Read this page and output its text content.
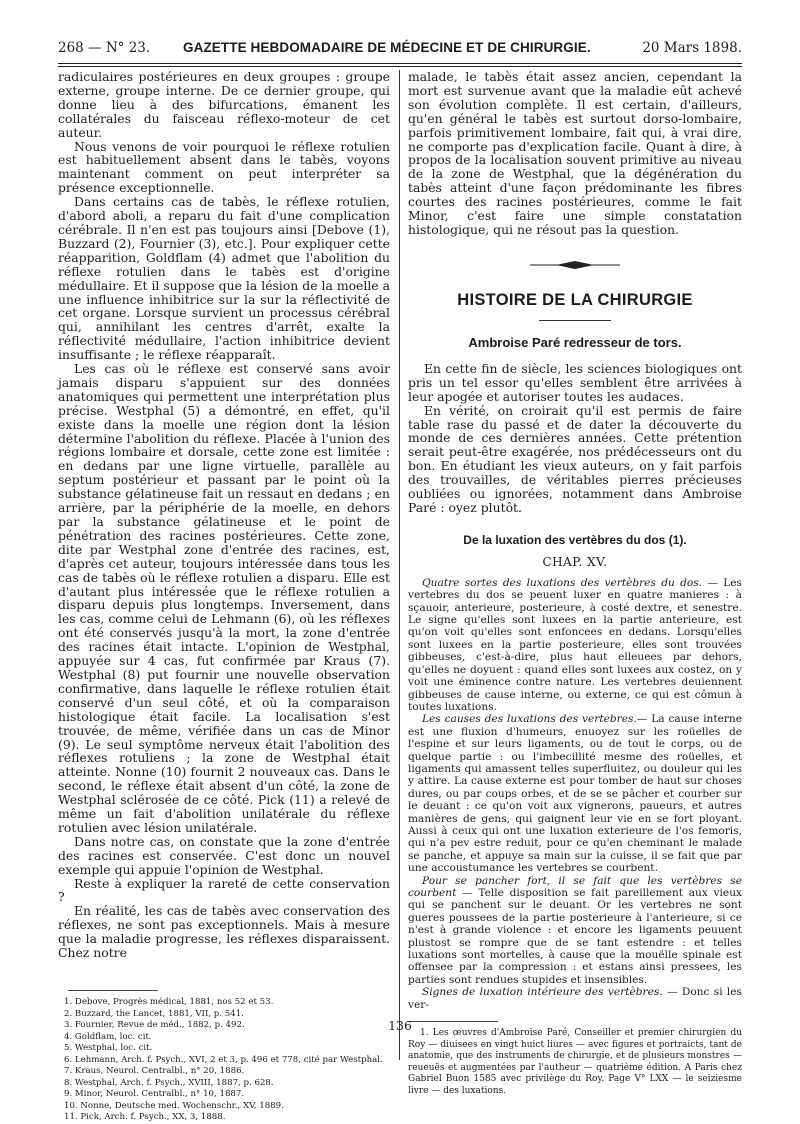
268 — N° 23. GAZETTE HEBDOMADAIRE DE MÉDECINE ET DE CHIRURGIE.	20 Mars 1898.

radiculaires postérieures en deux groupes : groupe externe, groupe interne. De ce dernier groupe, qui donne lieu à des bifurcations, émanent les collatérales du faisceau réflexo-moteur de cet auteur.

Nous venons de voir pourquoi le réflexe rotulien est habituellement absent dans le tabès, voyons maintenant comment on peut interpréter sa présence exceptionnelle.

Dans certains cas de tabès, le réflexe rotulien, d'abord aboli, a reparu du fait d'une complication cérébrale. Il n'en est pas toujours ainsi [Debove (1), Buzzard (2), Fournier (3), etc.]. Pour expliquer cette réapparition, Goldflam (4) admet que l'abolition du réflexe rotulien dans le tabès est d'origine médullaire. Et il suppose que la lésion de la moelle a une influence inhibitrice sur la sur la réflectivité de cet organe. Lorsque survient un processus cérébral qui, annihilant les centres d'arrêt, exalte la réflectivité médullaire, l'action inhibitrice devient insuffisante ; le réflexe réapparaît.

Les cas où le réflexe est conservé sans avoir jamais disparu s'appuient sur des données anatomiques qui permettent une interprétation plus précise. Westphal (5) a démontré, en effet, qu'il existe dans la moelle une région dont la lésion détermine l'abolition du réflexe. Placée à l'union des régions lombaire et dorsale, cette zone est limitée : en dedans par une ligne virtuelle, parallèle au septum postérieur et passant par le point où la substance gélatineuse fait un ressaut en dedans ; en arrière, par la périphérie de la moelle, en dehors par la substance gélatineuse et le point de pénétration des racines postérieures. Cette zone, dite par Westphal zone d'entrée des racines, est, d'après cet auteur, toujours intéressée dans tous les cas de tabès où le réflexe rotulien a disparu. Elle est d'autant plus intéressée que le réflexe rotulien a disparu depuis plus longtemps. Inversement, dans les cas, comme celui de Lehmann (6), où les réflexes ont été conservés jusqu'à la mort, la zone d'entrée des racines était intacte. L'opinion de Westphal, appuyée sur 4 cas, fut confirmée par Kraus (7). Westphal (8) put fournir une nouvelle observation confirmative, dans laquelle le réflexe rotulien était conservé d'un seul côté, et où la comparaison histologique était facile. La localisation s'est trouvée, de même, vérifiée dans un cas de Minor (9). Le seul symptôme nerveux était l'abolition des réflexes rotuliens ; la zone de Westphal était atteinte. Nonne (10) fournit 2 nouveaux cas. Dans le second, le réflexe était absent d'un côté, la zone de Westphal sclérosée de ce côté. Pick (11) a relevé de même un fait d'abolition unilatérale du réflexe rotulien avec lésion unilatérale.

Dans notre cas, on constate que la zone d'entrée des racines est conservée. C'est donc un nouvel exemple qui appuie l'opinion de Westphal.

Reste à expliquer la rareté de cette conservation ?

En réalité, les cas de tabès avec conservation des réflexes, ne sont pas exceptionnels. Mais à mesure que la maladie progresse, les réflexes disparaissent. Chez notre

1. Debove, Progrès médical, 1881, nos 52 et 53.

2. Buzzard, the Lancet, 1881, VII, p. 541.

3. Fournier, Revue de méd., 1882, p. 492.

4. Goldflam, loc. cit.

5. Westphal, loc. cit.

6. Lehmann, Arch. f. Psych., XVI, 2 et 3, p. 496 et 778, cité par Westphal.

7. Kraus, Neurol. Centralbl., n° 20, 1886.

8. Westphal, Arch. f. Psych., XVIII, 1887, p. 628.

9. Minor, Neurol. Centralbl., n° 10, 1887.

10. Nonne, Deutsche med. Wochenschr., XV, 1889.

11. Pick, Arch. f. Psych., XX, 3, 1888.

malade, le tabès était assez ancien, cependant la mort est survenue avant que la maladie eût achevé son évolution complète. Il est certain, d'ailleurs, qu'en général le tabès est surtout dorso-lombaire, parfois primitivement lombaire, fait qui, à vrai dire, ne comporte pas d'explication facile. Quant à dire, à propos de la localisation souvent primitive au niveau de la zone de Westphal, que la dégénération du tabès atteint d'une façon prédominante les fibres courtes des racines postérieures, comme le fait Minor, c'est faire une simple constatation histologique, qui ne résout pas la question.

HISTOIRE DE LA CHIRURGIE
Ambroise Paré redresseur de tors.

En cette fin de siècle, les sciences biologiques ont pris un tel essor qu'elles semblent être arrivées à leur apogée et autoriser toutes les audaces.

En vérité, on croirait qu'il est permis de faire table rase du passé et de dater la découverte du monde de ces dernières années. Cette prétention serait peut-être exagérée, nos prédécesseurs ont du bon. En étudiant les vieux auteurs, on y fait parfois des trouvailles, de véritables pierres précieuses oubliées ou ignorées, notamment dans Ambroise Paré : oyez plutôt.

De la luxation des vertèbres du dos (1).
CHAP. XV.

Quatre sortes des luxations des vertèbres du dos. — Les vertebres du dos se peuent luxer en quatre manieres : à sçauoir, anterieure, posterieure, à costé dextre, et senestre. Le signe qu'elles sont luxees en la partie anterieure, est qu'on voit qu'elles sont enfoncees en dedans. Lorsqu'elles sont luxees en la partie posterieure, elles sont trouvées gibbeuses, c'est-à-dire, plus haut elleuees par dehors, qu'elles ne doyuent : quand elles sont luxees aux costez, on y voit une éminence contre nature. Les vertebres deuiennent gibbeuses de cause interne, ou externe, ce qui est cômun à toutes luxations.

Les causes des luxations des vertebres.— La cause interne est une fluxion d'humeurs, enuoyez sur les roüelles de l'espine et sur leurs ligaments, ou de tout le corps, ou de quelque partie : ou l'imbecillité mesme des roüelles, et ligaments qui amassent telles superfluitez, ou douleur qui les y attire. La cause externe est pour tomber de haut sur choses dures, ou par coups orbes, et de se se pâcher et courber sur le deuant : ce qu'on voit aux vignerons, paueurs, et autres manières de gens, qui gaignent leur vie en se fort ployant. Aussi à ceux qui ont une luxation exterieure de l'os femoris, qui n'a pev estre reduit, pour ce qu'en cheminant le malade se panche, et appuye sa main sur la cuisse, il se fait que par une accoustumance les vertebres se courbent.

Pour se pancher fort, il se fait que les vertèbres se courbent — Telle disposition se fait pareillement aux vieux qui se panchent sur le deuant. Or les vertebres ne sont gueres poussees de la partie posterieure à l'anterieure, si ce n'est à grande violence : et encore les ligaments peuuent plustost se rompre que de se tant estendre : et telles luxations sont mortelles, à cause que la mouëlle spinale est offensee par la compression : et estans ainsi pressees, les parties sont rendues stupides et insensibles.

Signes de luxation intérieure des vertèbres. — Donc si les ver-

1. Les œuvres d'Ambroise Paré, Conseiller et premier chirurgien du Roy — diuisees en vingt huict liures — avec figures et portraicts, tant de anatomie, que des instruments de chirurgie, et de plusieurs monstres — reueuës et augmentées par l'autheur — quatrième édition. A Paris chez Gabriel Buon 1585 avec privilège du Roy. Page V° LXX — le seiziesme livre — des luxations.

136
